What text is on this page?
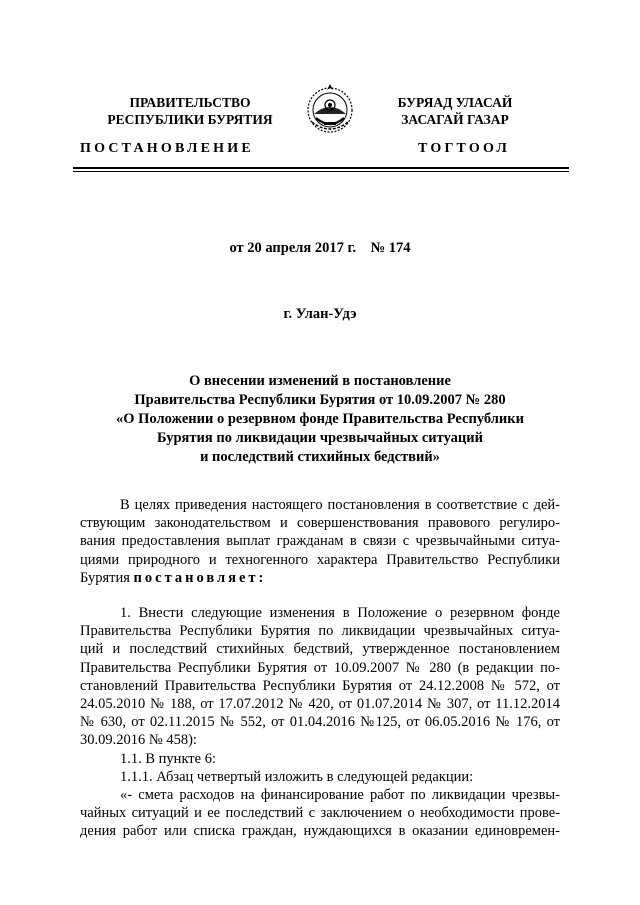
ПРАВИТЕЛЬСТВО
РЕСПУБЛИКИ БУРЯТИЯ
БУРЯАД УЛАСАЙ
ЗАСАГАЙ ГАЗАР
ПОСТАНОВЛЕНИЕ	ТОГТООЛ
от 20 апреля 2017 г.    № 174
г. Улан-Удэ
О внесении изменений в постановление
Правительства Республики Бурятия от 10.09.2007 № 280
«О Положении о резервном фонде Правительства Республики
Бурятия по ликвидации чрезвычайных ситуаций
и последствий стихийных бедствий»
В целях приведения настоящего постановления в соответствие с дей-
ствующим законодательством и совершенствования правового регулиро-
вания предоставления выплат гражданам в связи с чрезвычайными ситуа-
циями природного и техногенного характера Правительство Республики
Бурятия постановляет:
1. Внести следующие изменения в Положение о резервном фонде
Правительства Республики Бурятия по ликвидации чрезвычайных ситуа-
ций и последствий стихийных бедствий, утвержденное постановлением
Правительства Республики Бурятия от 10.09.2007 № 280 (в редакции по-
становлений Правительства Республики Бурятия от 24.12.2008 № 572, от
24.05.2010 № 188, от 17.07.2012 № 420, от 01.07.2014 № 307, от 11.12.2014
№ 630, от 02.11.2015 № 552, от 01.04.2016 №125, от 06.05.2016 № 176, от
30.09.2016 № 458):
1.1. В пункте 6:
1.1.1. Абзац четвертый изложить в следующей редакции:
«- смета расходов на финансирование работ по ликвидации чрезвы-
чайных ситуаций и ее последствий с заключением о необходимости прове-
дения работ или списка граждан, нуждающихся в оказании единовремен-
